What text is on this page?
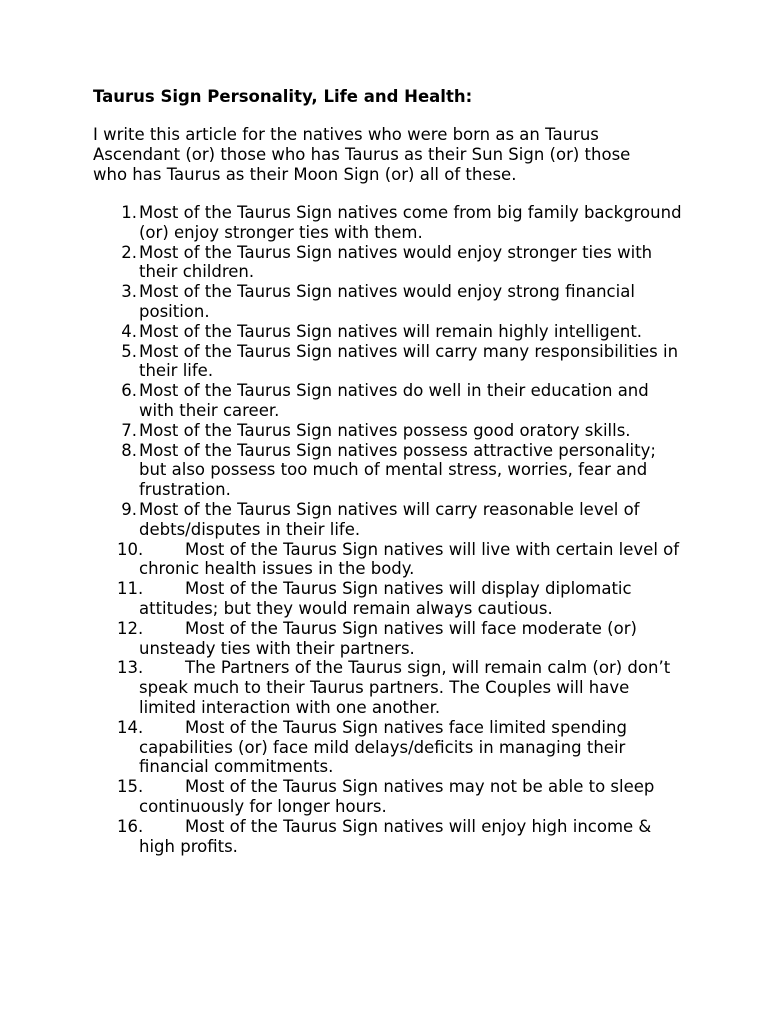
Taurus Sign Personality, Life and Health:
I write this article for the natives who were born as an Taurus Ascendant (or) those who has Taurus as their Sun Sign (or) those who has Taurus as their Moon Sign (or) all of these.
1. Most of the Taurus Sign natives come from big family background (or) enjoy stronger ties with them.
2. Most of the Taurus Sign natives would enjoy stronger ties with their children.
3. Most of the Taurus Sign natives would enjoy strong financial position.
4. Most of the Taurus Sign natives will remain highly intelligent.
5. Most of the Taurus Sign natives will carry many responsibilities in their life.
6. Most of the Taurus Sign natives do well in their education and with their career.
7. Most of the Taurus Sign natives possess good oratory skills.
8. Most of the Taurus Sign natives possess attractive personality; but also possess too much of mental stress, worries, fear and frustration.
9. Most of the Taurus Sign natives will carry reasonable level of debts/disputes in their life.
10.	Most of the Taurus Sign natives will live with certain level of chronic health issues in the body.
11.	Most of the Taurus Sign natives will display diplomatic attitudes; but they would remain always cautious.
12.	Most of the Taurus Sign natives will face moderate (or) unsteady ties with their partners.
13.	The Partners of the Taurus sign, will remain calm (or) don’t speak much to their Taurus partners. The Couples will have limited interaction with one another.
14.	Most of the Taurus Sign natives face limited spending capabilities (or) face mild delays/deficits in managing their financial commitments.
15.	Most of the Taurus Sign natives may not be able to sleep continuously for longer hours.
16.	Most of the Taurus Sign natives will enjoy high income & high profits.
